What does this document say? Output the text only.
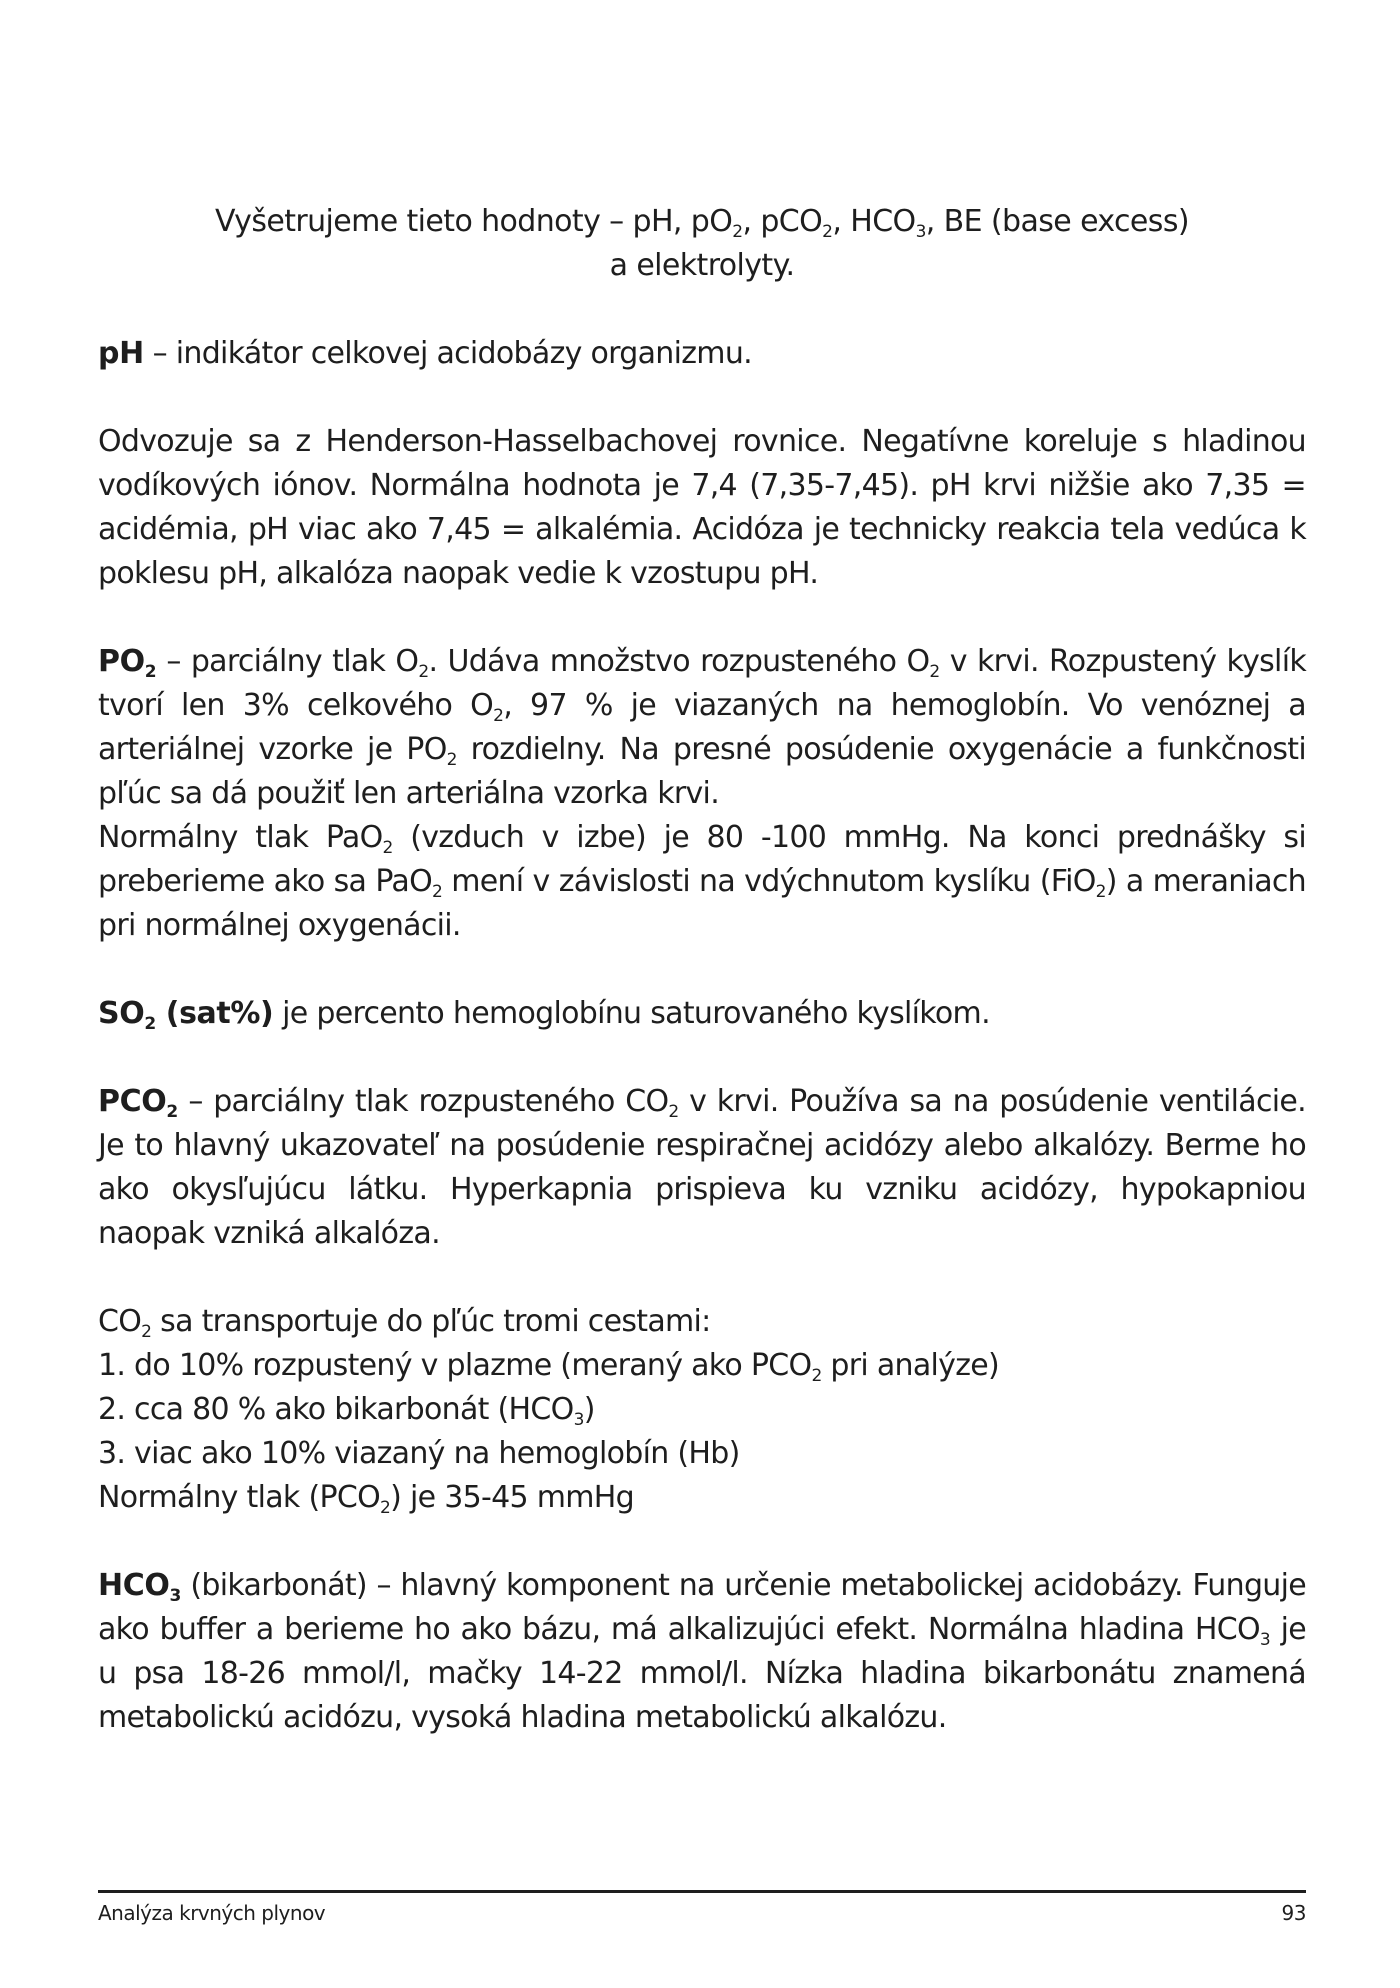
Vyšetrujeme tieto hodnoty – pH, $pO_2$, pCO$_2$, $HCO_3$, BE (base excess)
a elektrolyty.

pH – indikátor celkovej acidobázy organizmu.

Odvozuje sa z Henderson-Hasselbachovej rovnice. Negatívne koreluje s hladinou vodíkových iónov. Normálna hodnota je 7,4 (7,35-7,45). pH krvi nižšie ako 7,35 = acidémia, pH viac ako 7,45 = alkalémia. Acidóza je technicky reakcia tela vedúca k poklesu pH, alkalóza naopak vedie k vzostupu pH.

$PO_2$ – parciálny tlak $O_2$. Udáva množstvo rozpusteného $O_2$ v krvi. Rozpustený kyslík tvorí len 3% celkového $O_2$, 97 % je viazaných na hemoglobín. Vo venóznej a arteriálnej vzorke je $PO_2$ rozdielny. Na presné posúdenie oxygenácie a funkčnosti pľúc sa dá použiť len arteriálna vzorka krvi.

Normálny tlak PaO$_2$ (vzduch v izbe) je 80 -100 mmHg. Na konci prednášky si preberieme ako sa PaO$_2$ mení v závislosti na vdýchnutom kyslíku (FiO$_2$) a meraniach pri normálnej oxygenácii.

$SO_2$ (sat%) je percento hemoglobínu saturovaného kyslíkom.

$PCO_2$ – parciálny tlak rozpusteného $CO_2$ v krvi. Používa sa na posúdenie ventilácie. Je to hlavný ukazovateľ na posúdenie respiračnej acidózy alebo alkalózy. Berme ho ako okysľujúcu látku. Hyperkapnia prispieva ku vzniku acidózy, hypokapniou naopak vzniká alkalóza.

$CO_2$ sa transportuje do pľúc tromi cestami:
1. do 10% rozpustený v plazme (meraný ako $PCO_2$ pri analýze)
2. cca 80 % ako bikarbonát $(HCO_3)$
3. viac ako 10% viazaný na hemoglobín (Hb)
Normálny tlak $(PCO_2)$ je 35-45 mmHg

$HCO_3$ (bikarbonát) – hlavný komponent na určenie metabolickej acidobázy. Funguje ako buffer a berieme ho ako bázu, má alkalizujúci efekt. Normálna hladina $HCO_3$ je u psa 18-26 mmol/l, mačky 14-22 mmol/l. Nízka hladina bikarbonátu znamená metabolickú acidózu, vysoká hladina metabolickú alkalózu.

Analýza krvných plynov	93
